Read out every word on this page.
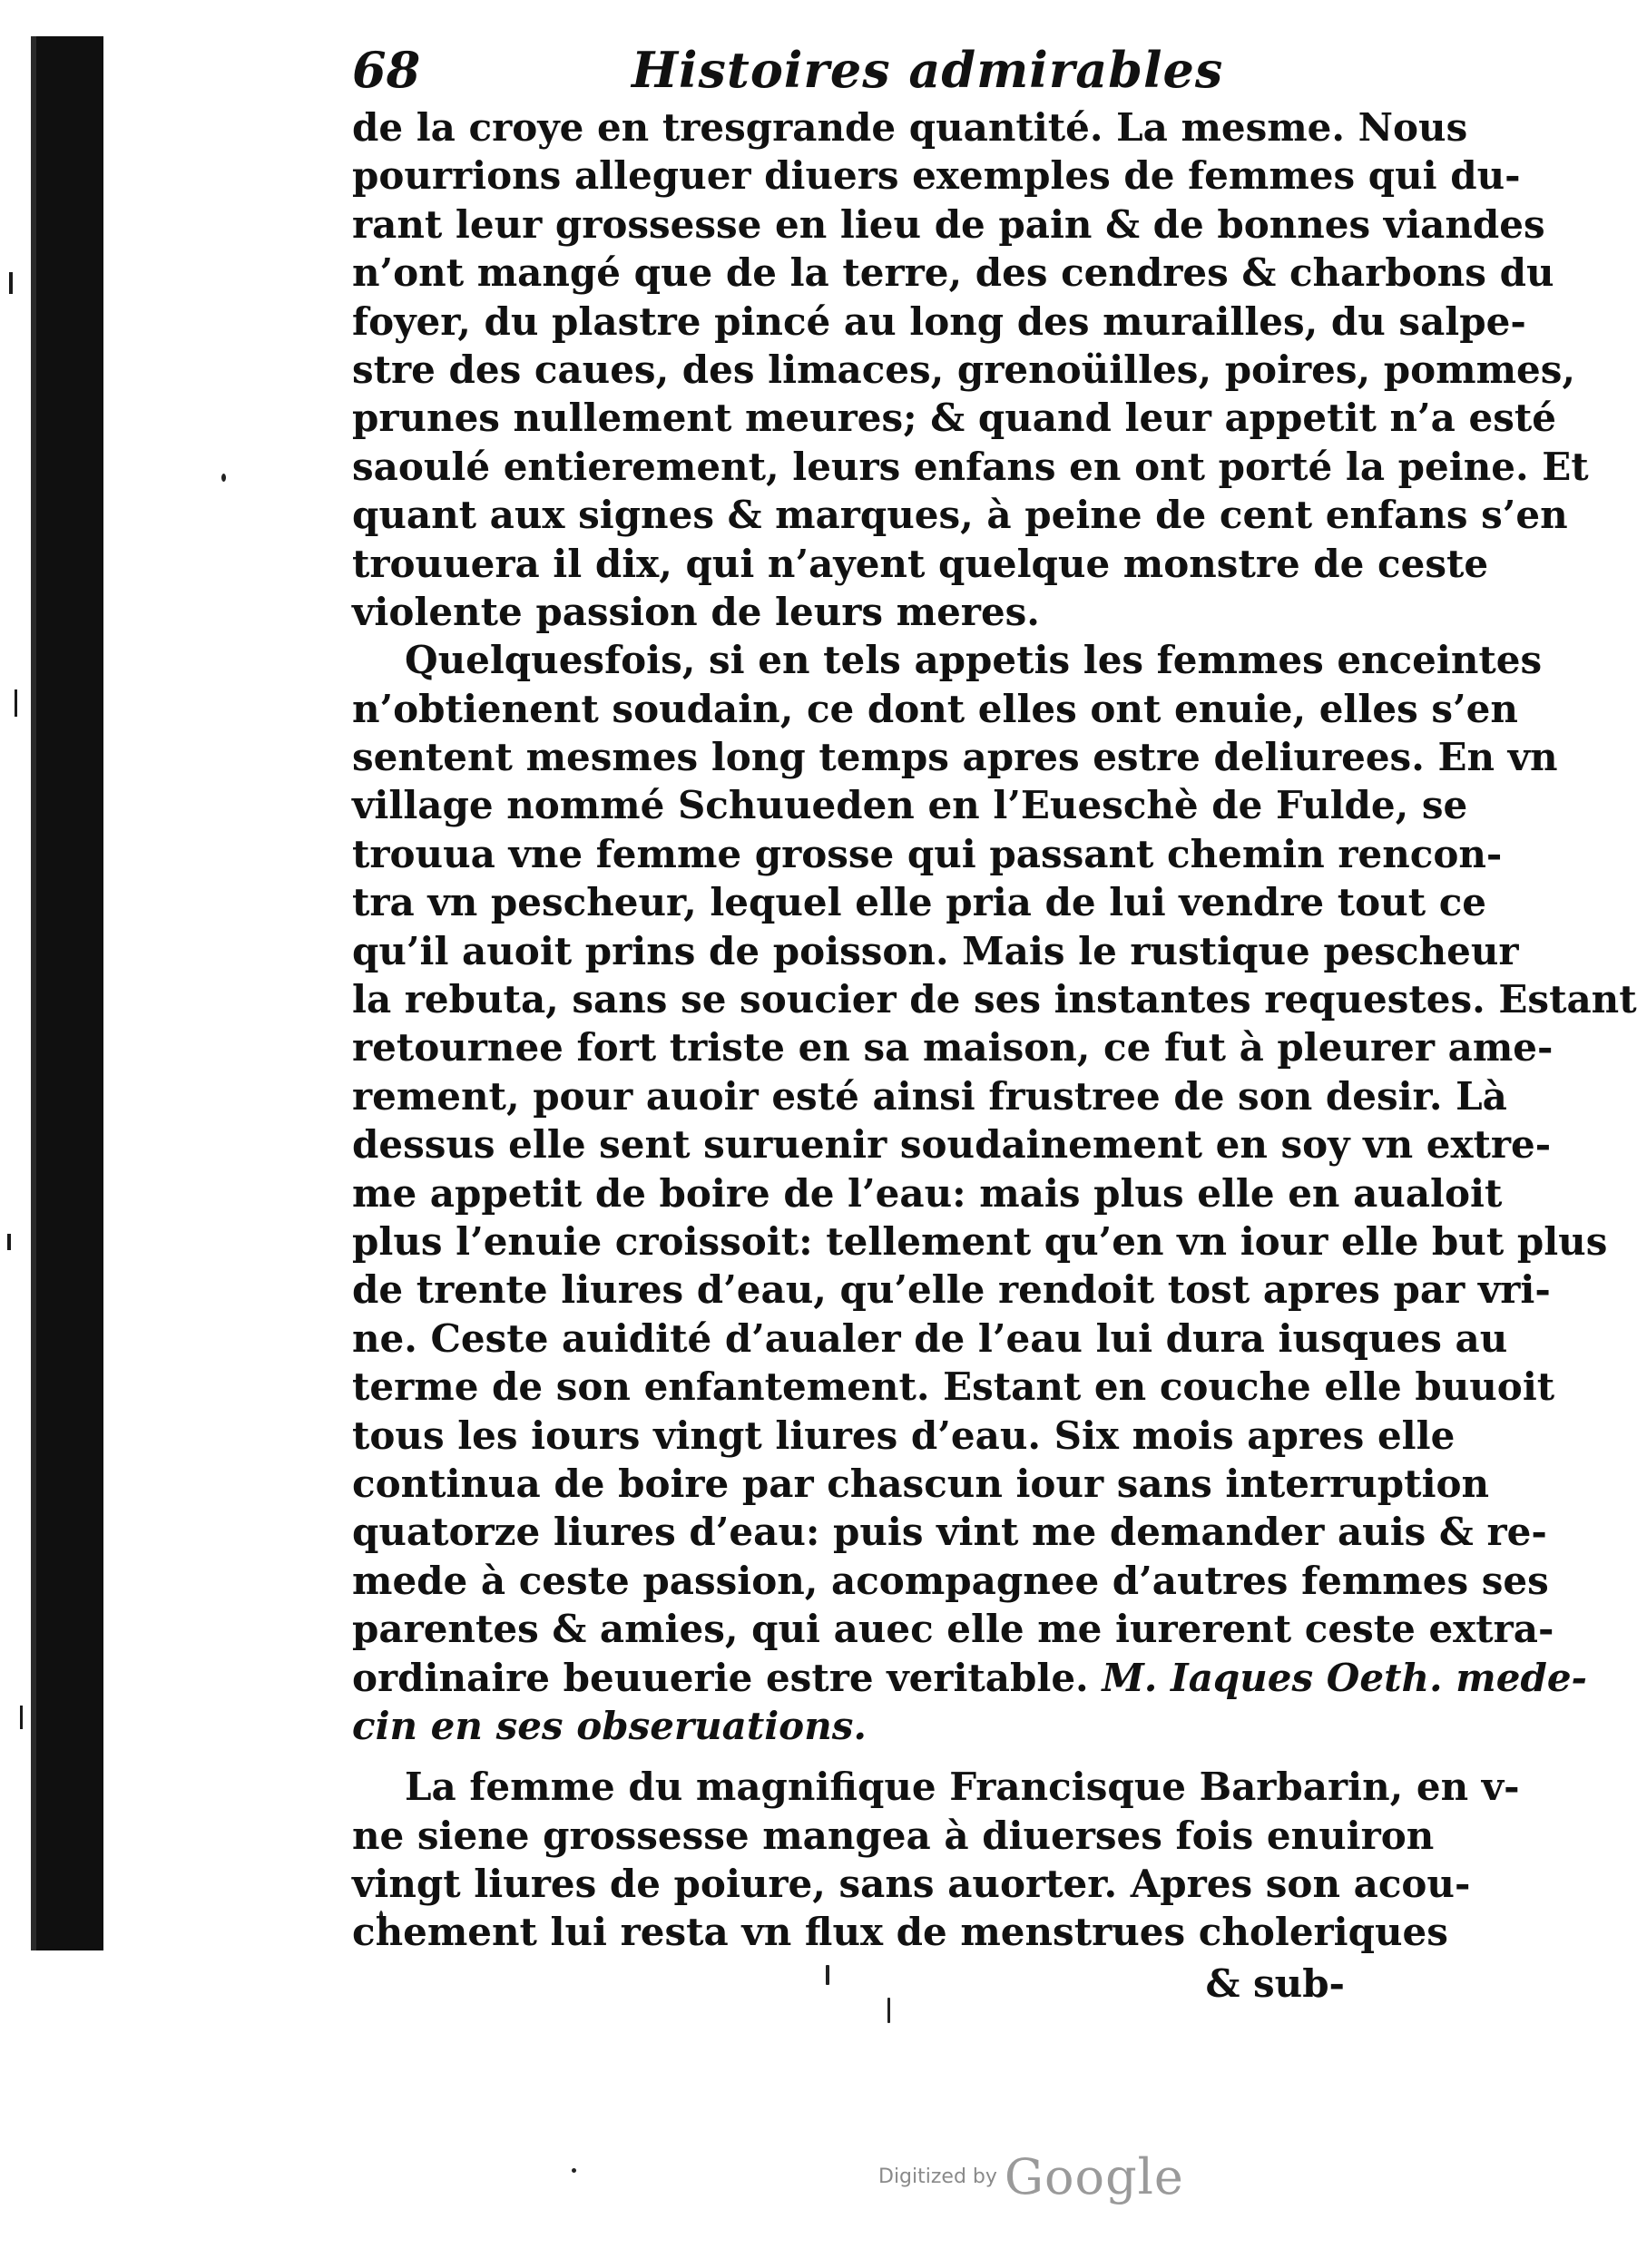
68	Histoires admirables
de la croye en tresgrande quantité. La mesme. Nous
pourrions alleguer diuers exemples de femmes qui du-
rant leur grossesse en lieu de pain & de bonnes viandes
n’ont mangé que de la terre, des cendres & charbons du
foyer, du plastre pincé au long des murailles, du salpe-
stre des caues, des limaces, grenoüilles, poires, pommes,
prunes nullement meures; & quand leur appetit n’a esté
saoulé entierement, leurs enfans en ont porté la peine. Et
quant aux signes & marques, à peine de cent enfans s’en
trouuera il dix, qui n’ayent quelque monstre de ceste
violente passion de leurs meres.
Quelquesfois, si en tels appetis les femmes enceintes
n’obtienent soudain, ce dont elles ont enuie, elles s’en
sentent mesmes long temps apres estre deliurees. En vn
village nommé Schuueden en l’Eueschè de Fulde, se
trouua vne femme grosse qui passant chemin rencon-
tra vn pescheur, lequel elle pria de lui vendre tout ce
qu’il auoit prins de poisson. Mais le rustique pescheur
la rebuta, sans se soucier de ses instantes requestes. Estant
retournee fort triste en sa maison, ce fut à pleurer ame-
rement, pour auoir esté ainsi frustree de son desir. Là
dessus elle sent suruenir soudainement en soy vn extre-
me appetit de boire de l’eau: mais plus elle en aualoit
plus l’enuie croissoit: tellement qu’en vn iour elle but plus
de trente liures d’eau, qu’elle rendoit tost apres par vri-
ne. Ceste auidité d’aualer de l’eau lui dura iusques au
terme de son enfantement. Estant en couche elle buuoit
tous les iours vingt liures d’eau. Six mois apres elle
continua de boire par chascun iour sans interruption
quatorze liures d’eau: puis vint me demander auis & re-
mede à ceste passion, acompagnee d’autres femmes ses
parentes & amies, qui auec elle me iurerent ceste extra-
ordinaire beuuerie estre veritable. M. Iaques Oeth. mede-
cin en ses obseruations.
La femme du magnifique Francisque Barbarin, en v-
ne siene grossesse mangea à diuerses fois enuiron
vingt liures de poiure, sans auorter. Apres son acou-
chement lui resta vn flux de menstrues choleriques
& sub-
Digitized by Google
